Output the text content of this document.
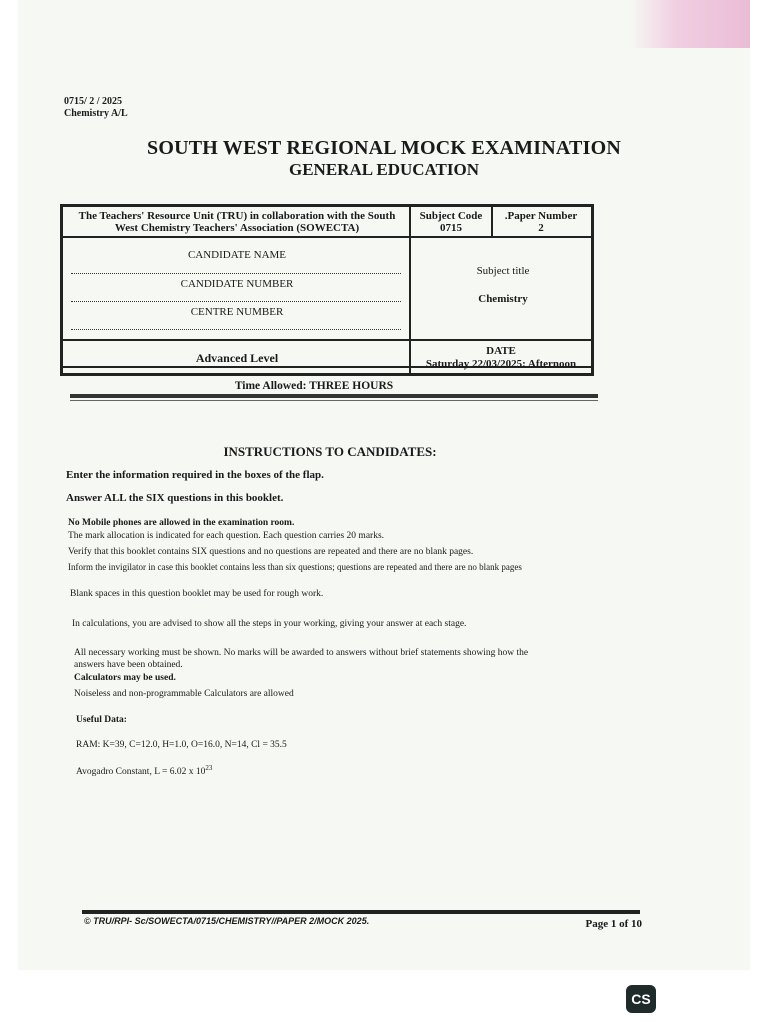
0715/ 2 / 2025
Chemistry A/L
SOUTH WEST REGIONAL MOCK EXAMINATION
GENERAL EDUCATION
The Teachers' Resource Unit (TRU) in collaboration with the South West Chemistry Teachers' Association (SOWECTA)
Subject Code
0715
.Paper Number
2
CANDIDATE NAME
CANDIDATE NUMBER
CENTRE NUMBER
Subject title
Chemistry
Advanced Level	DATE
Saturday 22/03/2025: Afternoon
Time Allowed: THREE HOURS
INSTRUCTIONS TO CANDIDATES:
Enter the information required in the boxes of the flap.
Answer ALL the SIX questions in this booklet.
No Mobile phones are allowed in the examination room.
The mark allocation is indicated for each question. Each question carries 20 marks.
Verify that this booklet contains SIX questions and no questions are repeated and there are no blank pages.
Inform the invigilator in case this booklet contains less than six questions; questions are repeated and there are no blank pages
Blank spaces in this question booklet may be used for rough work.
In calculations, you are advised to show all the steps in your working, giving your answer at each stage.
All necessary working must be shown. No marks will be awarded to answers without brief statements showing how the
answers have been obtained.
Calculators may be used.
Noiseless and non-programmable Calculators are allowed
Useful Data:
RAM: K=39, C=12.0, H=1.0, O=16.0, N=14, Cl = 35.5
Avogadro Constant, L = 6.02 x $10^{23}$
© TRU/RPI- Sc/SOWECTA/0715/CHEMISTRY//PAPER 2/MOCK 2025.	Page 1 of 10
CS
